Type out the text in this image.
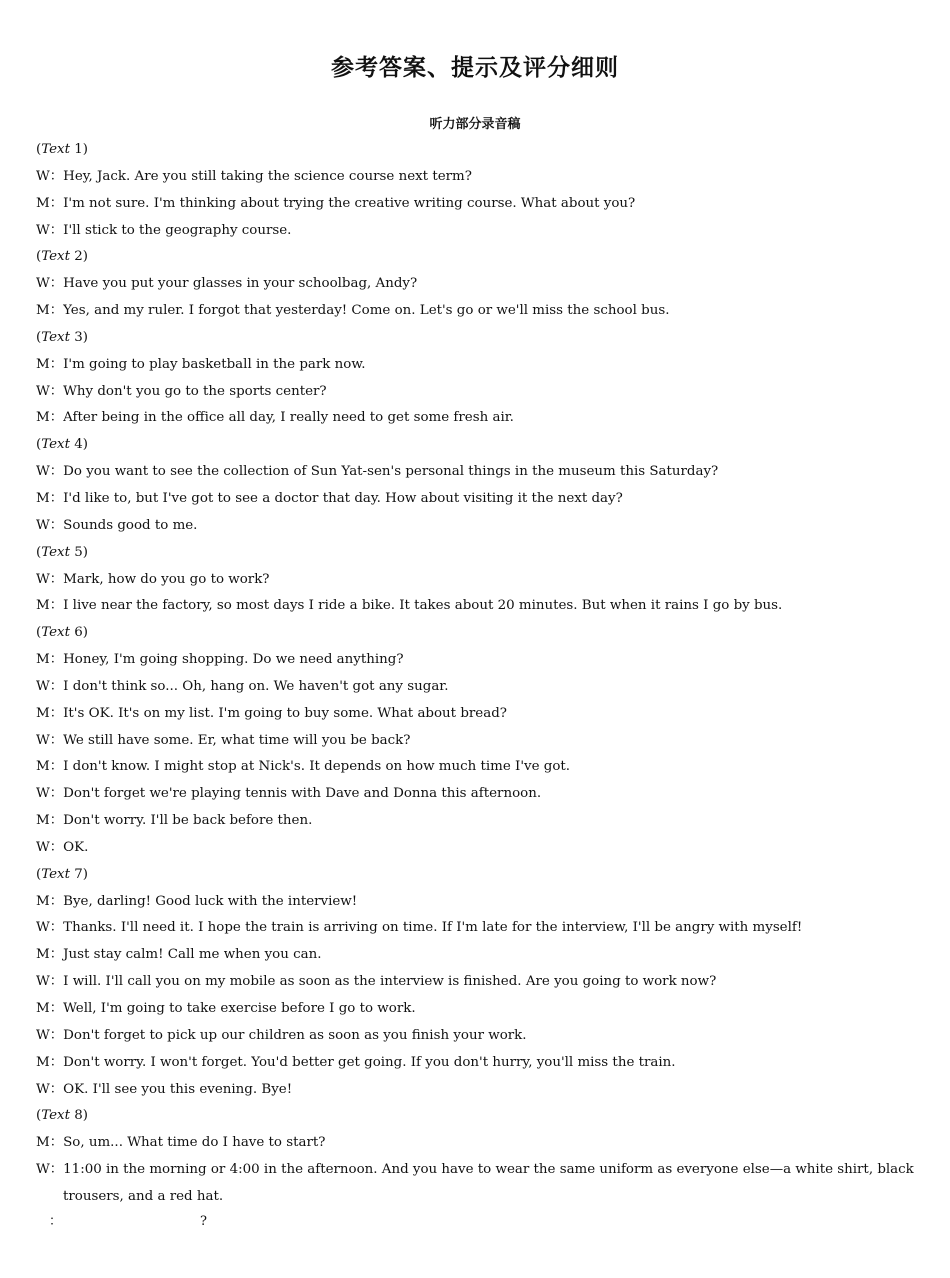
参考答案、提示及评分细则
听力部分录音稿
(Text 1)
W：Hey, Jack. Are you still taking the science course next term?
M：I'm not sure. I'm thinking about trying the creative writing course. What about you?
W：I'll stick to the geography course.
(Text 2)
W：Have you put your glasses in your schoolbag, Andy?
M：Yes, and my ruler. I forgot that yesterday! Come on. Let's go or we'll miss the school bus.
(Text 3)
M：I'm going to play basketball in the park now.
W：Why don't you go to the sports center?
M：After being in the office all day, I really need to get some fresh air.
(Text 4)
W：Do you want to see the collection of Sun Yat-sen's personal things in the museum this Saturday?
M：I'd like to, but I've got to see a doctor that day. How about visiting it the next day?
W：Sounds good to me.
(Text 5)
W：Mark, how do you go to work?
M：I live near the factory, so most days I ride a bike. It takes about 20 minutes. But when it rains I go by bus.
(Text 6)
M：Honey, I'm going shopping. Do we need anything?
W：I don't think so... Oh, hang on. We haven't got any sugar.
M：It's OK. It's on my list. I'm going to buy some. What about bread?
W：We still have some. Er, what time will you be back?
M：I don't know. I might stop at Nick's. It depends on how much time I've got.
W：Don't forget we're playing tennis with Dave and Donna this afternoon.
M：Don't worry. I'll be back before then.
W：OK.
(Text 7)
M：Bye, darling! Good luck with the interview!
W：Thanks. I'll need it. I hope the train is arriving on time. If I'm late for the interview, I'll be angry with myself!
M：Just stay calm! Call me when you can.
W：I will. I'll call you on my mobile as soon as the interview is finished. Are you going to work now?
M：Well, I'm going to take exercise before I go to work.
W：Don't forget to pick up our children as soon as you finish your work.
M：Don't worry. I won't forget. You'd better get going. If you don't hurry, you'll miss the train.
W：OK. I'll see you this evening. Bye!
(Text 8)
M：So, um... What time do I have to start?
W：11:00 in the morning or 4:00 in the afternoon. And you have to wear the same uniform as everyone else—a white shirt, black
trousers, and a red hat.
：	?
